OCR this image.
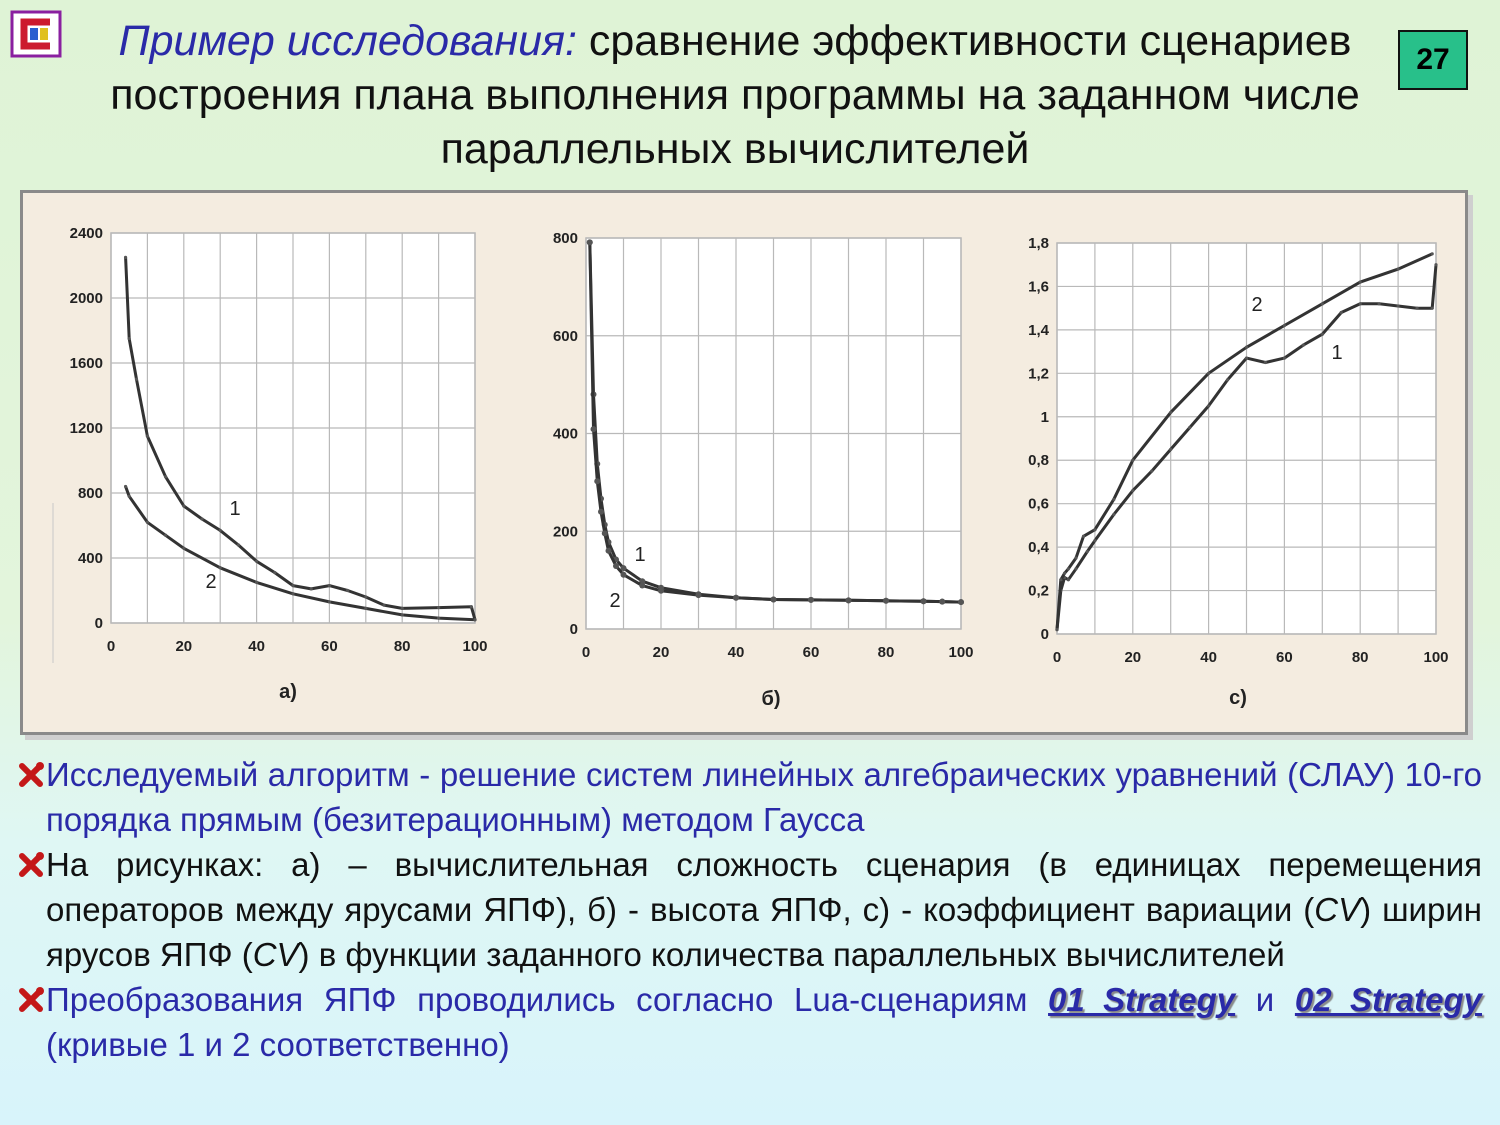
Пример исследования: сравнение эффективности сценариев построения плана выполнения программы на заданном числе параллельных вычислителей
27
0
400
800
1200
1600
2000
2400
0	20	40	60	80	100
1
2
а)
0
200
400
600
800
0	20	40	60	80	100
1
2
б)
0
0,2
0,4
0,6
0,8
1
1,2
1,4
1,6
1,8
0	20	40	60	80	100
1
2
с)
Исследуемый алгоритм - решение систем линейных алгебраических уравнений (СЛАУ) 10-го порядка прямым (безитерационным) методом Гаусса
На рисунках: а) – вычислительная сложность сценария (в единицах перемещения операторов между ярусами ЯПФ), б) - высота ЯПФ, с) - коэффициент вариации (CV) ширин ярусов ЯПФ (CV) в функции заданного количества параллельных вычислителей
Преобразования ЯПФ проводились согласно Lua-сценариям 01_Strategy и 02_Strategy (кривые 1 и 2 соответственно)
